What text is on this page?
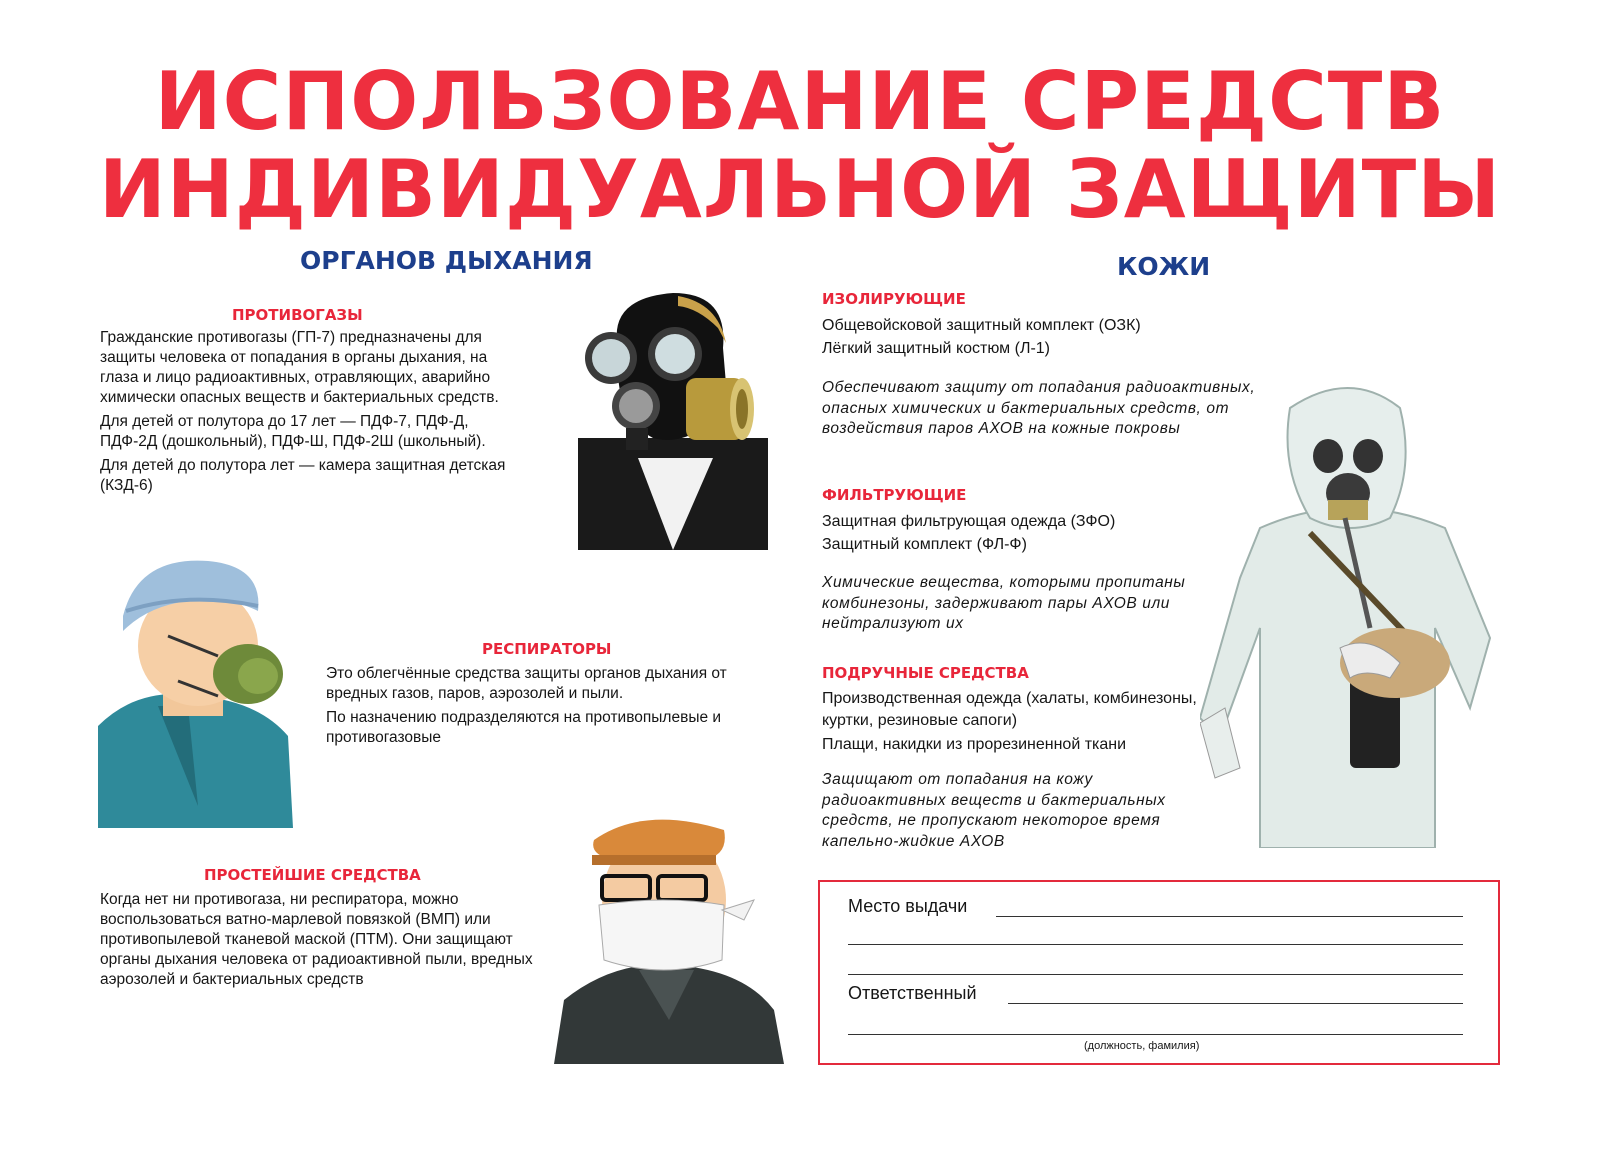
ИСПОЛЬЗОВАНИЕ СРЕДСТВ
ИНДИВИДУАЛЬНОЙ ЗАЩИТЫ
ОРГАНОВ ДЫХАНИЯ	КОЖИ
ПРОТИВОГАЗЫ

Гражданские противогазы (ГП-7) предназначены для защиты человека от попадания в органы дыхания, на глаза и лицо радиоактивных, отравляющих, аварийно химически опасных веществ и бактериальных средств.

Для детей от полутора до 17 лет — ПДФ-7, ПДФ-Д, ПДФ-2Д (дошкольный), ПДФ-Ш, ПДФ-2Ш (школьный).

Для детей до полутора лет — камера защитная детская (КЗД-6)

РЕСПИРАТОРЫ

Это облегчённые средства защиты органов дыхания от вредных газов, паров, аэрозолей и пыли.

По назначению подразделяются на противопылевые и противогазовые

ПРОСТЕЙШИЕ СРЕДСТВА

Когда нет ни противогаза, ни респиратора, можно воспользоваться ватно-марлевой повязкой (ВМП) или противопылевой тканевой маской (ПТМ). Они защищают органы дыхания человека от радиоактивной пыли, вредных аэрозолей и бактериальных средств

ИЗОЛИРУЮЩИЕ
Общевойсковой защитный комплект (ОЗК)
Лёгкий защитный костюм (Л-1)
Обеспечивают защиту от попадания радиоактивных, опасных химических и бактериальных средств, от воздействия паров АХОВ на кожные покровы
ФИЛЬТРУЮЩИЕ
Защитная фильтрующая одежда (ЗФО)
Защитный комплект (ФЛ-Ф)
Химические вещества, которыми пропитаны комбинезоны, задерживают пары АХОВ или нейтрализуют их
ПОДРУЧНЫЕ СРЕДСТВА
Производственная одежда (халаты, комбинезоны, куртки, резиновые сапоги)
Плащи, накидки из прорезиненной ткани
Защищают от попадания на кожу радиоактивных веществ и бактериальных средств, не пропускают некоторое время капельно-жидкие АХОВ
Место выдачи
Ответственный
(должность, фамилия)
